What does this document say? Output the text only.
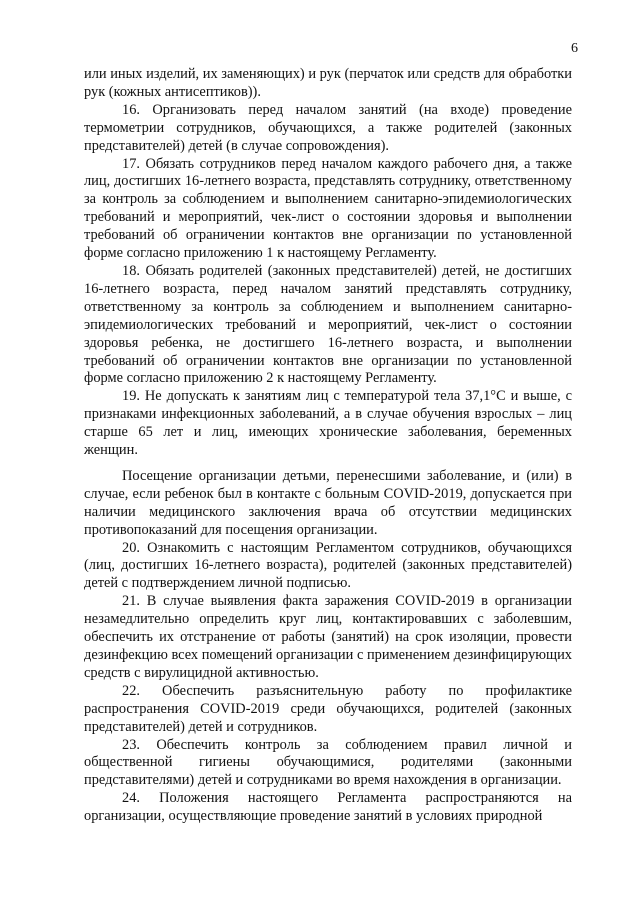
6

или иных изделий, их заменяющих) и рук (перчаток или средств для обработки рук (кожных антисептиков)).

16. Организовать перед началом занятий (на входе) проведение термометрии сотрудников, обучающихся, а также родителей (законных представителей) детей (в случае сопровождения).

17. Обязать сотрудников перед началом каждого рабочего дня, а также лиц, достигших 16-летнего возраста, представлять сотруднику, ответственному за контроль за соблюдением и выполнением санитарно-эпидемиологических требований и мероприятий, чек-лист о состоянии здоровья и выполнении требований об ограничении контактов вне организации по установленной форме согласно приложению 1 к настоящему Регламенту.

18. Обязать родителей (законных представителей) детей, не достигших 16-летнего возраста, перед началом занятий представлять сотруднику, ответственному за контроль за соблюдением и выполнением санитарно-эпидемиологических требований и мероприятий, чек-лист о состоянии здоровья ребенка, не достигшего 16-летнего возраста, и выполнении требований об ограничении контактов вне организации по установленной форме согласно приложению 2 к настоящему Регламенту.

19. Не допускать к занятиям лиц с температурой тела 37,1°C и выше, с признаками инфекционных заболеваний, а в случае обучения взрослых – лиц старше 65 лет и лиц, имеющих хронические заболевания, беременных женщин.

Посещение организации детьми, перенесшими заболевание, и (или) в случае, если ребенок был в контакте с больным COVID-2019, допускается при наличии медицинского заключения врача об отсутствии медицинских противопоказаний для посещения организации.

20. Ознакомить с настоящим Регламентом сотрудников, обучающихся (лиц, достигших 16-летнего возраста), родителей (законных представителей) детей с подтверждением личной подписью.

21. В случае выявления факта заражения COVID-2019 в организации незамедлительно определить круг лиц, контактировавших с заболевшим, обеспечить их отстранение от работы (занятий) на срок изоляции, провести дезинфекцию всех помещений организации с применением дезинфицирующих средств с вирулицидной активностью.

22. Обеспечить разъяснительную работу по профилактике распространения COVID-2019 среди обучающихся, родителей (законных представителей) детей и сотрудников.

23. Обеспечить контроль за соблюдением правил личной и общественной гигиены обучающимися, родителями (законными представителями) детей и сотрудниками во время нахождения в организации.

24. Положения настоящего Регламента распространяются на организации, осуществляющие проведение занятий в условиях природной
